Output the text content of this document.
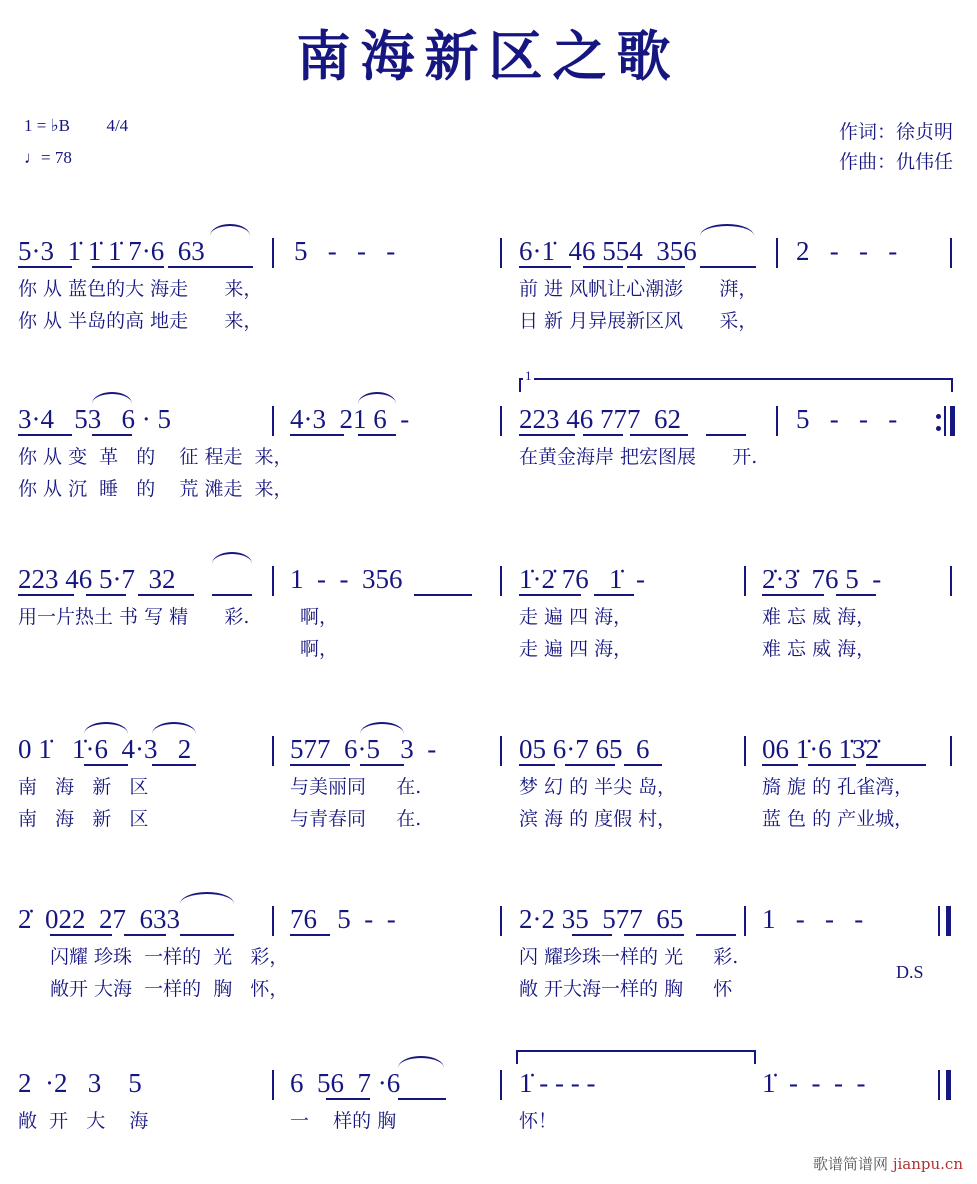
南海新区之歌
1 = ♭B 4/4
♩= 78
作词：徐贞明
作曲：仇伟任
5·3  1̇ 1̇ 1̇ 7·6  63
你 从 蓝色的大 海走      来，
你 从 半岛的高 地走      来，
5   -   -   -	6·1̇  46 554  356
前 进 风帆让心潮澎      湃，
日 新 月异展新区风      采，
2   -   -   -
3·4   53   6 · 5
你 从 变  革   的    征 程走  来，
你 从 沉  睡   的    荒 滩走  来，
4·3  21 6  -
1
223 46 777  62
在黄金海岸 把宏图展      开.
5   -   -   -
223 46 5·7  32
用一片热土 书 写 精      彩.
1  -  -  356
啊，
啊，
1̇·2̇ 76   1̇  -
走 遍 四 海，
走 遍 四 海，
2̇·3̇  76 5  -
难 忘 威 海，
难 忘 威 海，
0 1̇   1̇·6  4·3   2
南   海   新   区
南   海   新   区
577  6·5   3  -
与美丽同     在.
与青春同     在.
05 6·7 65  6
梦 幻 的 半尖 岛，
滨 海 的 度假 村，
06 1̇·6 1̇3̇2̇
旖 旎 的 孔雀湾，
蓝 色 的 产业城，
2̇  022  27  633
闪耀 珍珠  一样的  光   彩，
敞开 大海  一样的  胸   怀，
76   5  -  -	2·2 35  577  65
闪 耀珍珠一样的 光     彩.
敞 开大海一样的 胸     怀
1   -   -   -
D.S
2  ·2   3    5
敞  开   大    海
6  56  7 ·6
一    样的 胸
1̇ - - - -
怀！
1̇  -  -  -  -
歌谱简谱网 jianpu.cn
